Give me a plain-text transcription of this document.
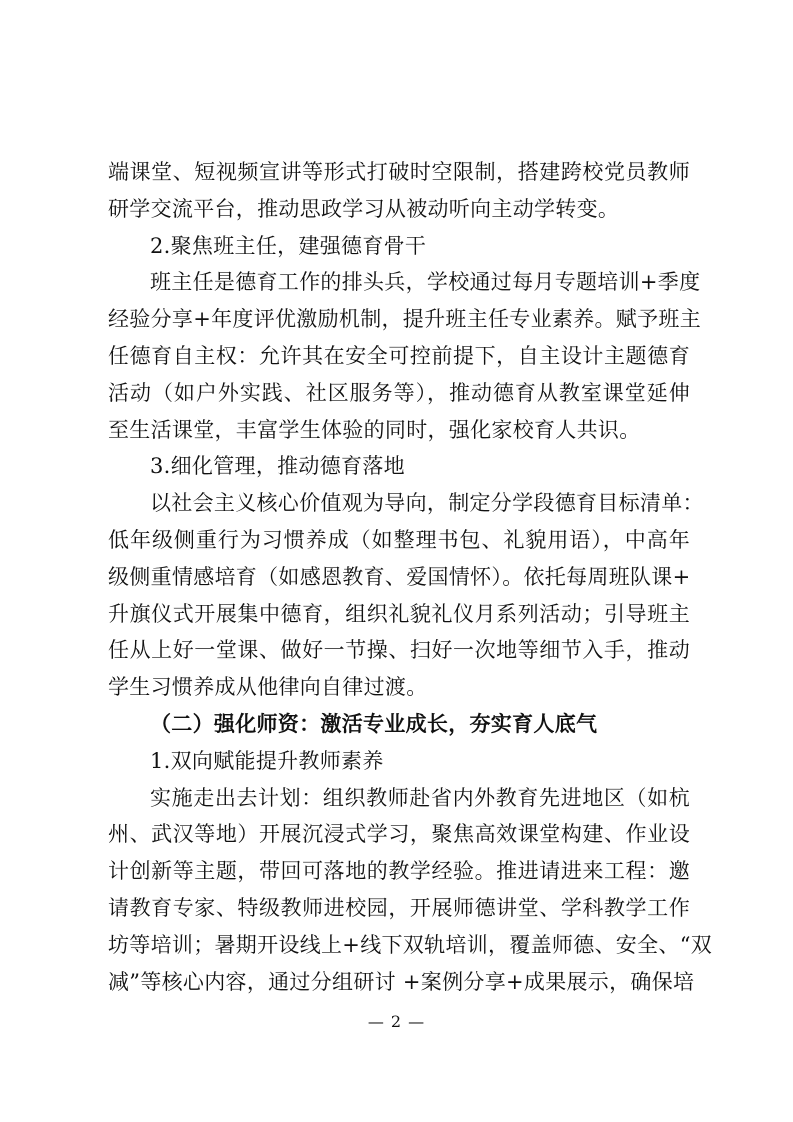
端课堂、短视频宣讲等形式打破时空限制，搭建跨校党员教师
研学交流平台，推动思政学习从被动听向主动学转变。
2.聚焦班主任，建强德育骨干
班主任是德育工作的排头兵，学校通过每月专题培训+季度
经验分享+年度评优激励机制，提升班主任专业素养。赋予班主
任德育自主权：允许其在安全可控前提下，自主设计主题德育
活动（如户外实践、社区服务等），推动德育从教室课堂延伸
至生活课堂，丰富学生体验的同时，强化家校育人共识。
3.细化管理，推动德育落地
以社会主义核心价值观为导向，制定分学段德育目标清单：
低年级侧重行为习惯养成（如整理书包、礼貌用语），中高年
级侧重情感培育（如感恩教育、爱国情怀）。依托每周班队课+
升旗仪式开展集中德育，组织礼貌礼仪月系列活动；引导班主
任从上好一堂课、做好一节操、扫好一次地等细节入手，推动
学生习惯养成从他律向自律过渡。
（二）强化师资：激活专业成长，夯实育人底气
1.双向赋能提升教师素养
实施走出去计划：组织教师赴省内外教育先进地区（如杭
州、武汉等地）开展沉浸式学习，聚焦高效课堂构建、作业设
计创新等主题，带回可落地的教学经验。推进请进来工程：邀
请教育专家、特级教师进校园，开展师德讲堂、学科教学工作
坊等培训；暑期开设线上+线下双轨培训，覆盖师德、安全、“双
减”等核心内容，通过分组研讨 +案例分享+成果展示，确保培
— 2 —
